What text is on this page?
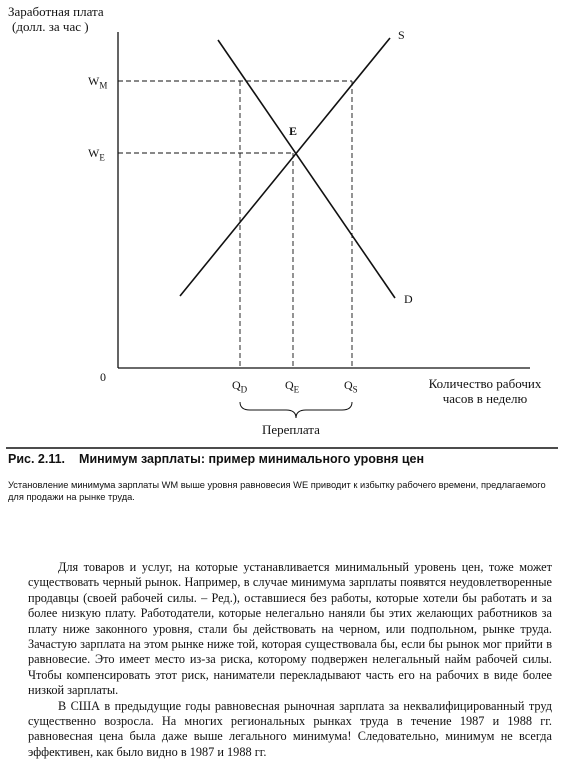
Заработная плата
(долл. за час )
Количество рабочих
часов в неделю
$W_M$
$W_E$
0
$Q_D$	$Q_E$	$Q_S$
S
D
E
Переплата
Рис. 2.11. Минимум зарплаты: пример минимального уровня цен
Установление минимума зарплаты WM выше уровня равновесия WE приводит к избытку рабочего времени, предлагаемого для продажи на рынке труда.

Для товаров и услуг, на которые устанавливается минимальный уровень цен, тоже может существовать черный рынок. Например, в случае минимума зарплаты появятся неудовлетворенные продавцы (своей рабочей силы. – Ред.), оставшиеся без работы, которые хотели бы работать и за более низкую плату. Работодатели, которые нелегально наняли бы этих желающих работников за плату ниже законного уровня, стали бы действовать на черном, или подпольном, рынке труда. Зачастую зарплата на этом рынке ниже той, которая существовала бы, если бы рынок мог прийти в равновесие. Это имеет место из-за риска, которому подвержен нелегальный найм рабочей силы. Чтобы компенсировать этот риск, наниматели перекладывают часть его на рабочих в виде более низкой зарплаты.

В США в предыдущие годы равновесная рыночная зарплата за неквалифицированный труд существенно возросла. На многих региональных рынках труда в течение 1987 и 1988 гг. равновесная цена была даже выше легального минимума! Следовательно, минимум не всегда эффективен, как было видно в 1987 и 1988 гг.
